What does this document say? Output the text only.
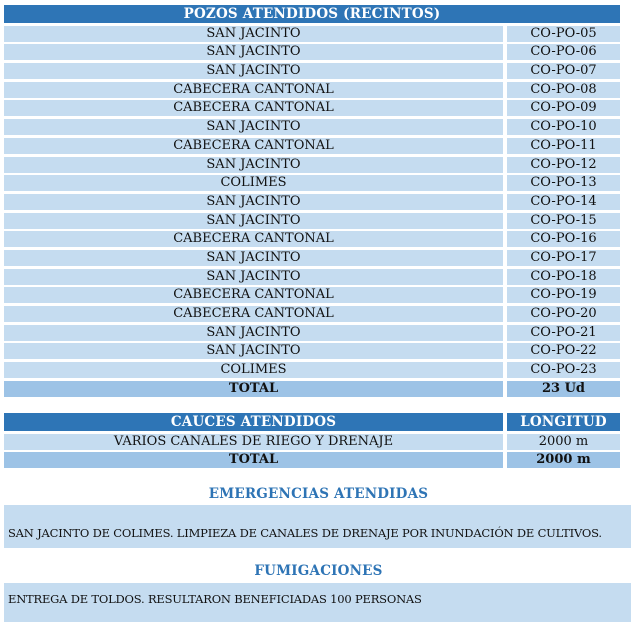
POZOS ATENDIDOS (RECINTOS)
SAN JACINTO	CO-PO-05
SAN JACINTO	CO-PO-06
SAN JACINTO	CO-PO-07
CABECERA CANTONAL	CO-PO-08
CABECERA CANTONAL	CO-PO-09
SAN JACINTO	CO-PO-10
CABECERA CANTONAL	CO-PO-11
SAN JACINTO	CO-PO-12
COLIMES	CO-PO-13
SAN JACINTO	CO-PO-14
SAN JACINTO	CO-PO-15
CABECERA CANTONAL	CO-PO-16
SAN JACINTO	CO-PO-17
SAN JACINTO	CO-PO-18
CABECERA CANTONAL	CO-PO-19
CABECERA CANTONAL	CO-PO-20
SAN JACINTO	CO-PO-21
SAN JACINTO	CO-PO-22
COLIMES	CO-PO-23
TOTAL	23 Ud
CAUCES ATENDIDOS	LONGITUD
VARIOS CANALES DE RIEGO Y DRENAJE	2000 m
TOTAL	2000 m
EMERGENCIAS ATENDIDAS
SAN JACINTO DE COLIMES. LIMPIEZA DE CANALES DE DRENAJE POR INUNDACIÓN DE CULTIVOS.
FUMIGACIONES
ENTREGA DE TOLDOS. RESULTARON BENEFICIADAS 100 PERSONAS
